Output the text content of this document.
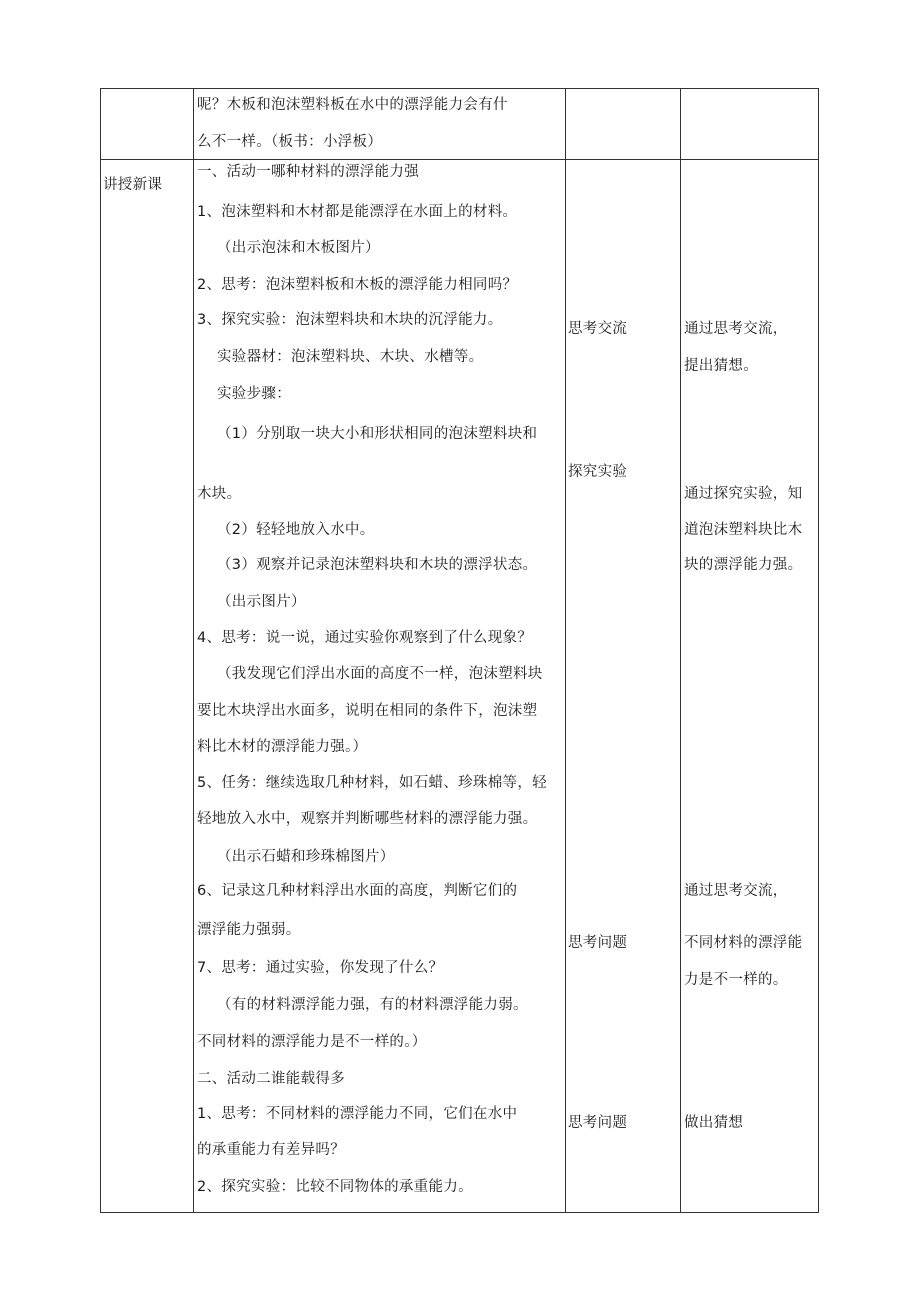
呢？木板和泡沫塑料板在水中的漂浮能力会有什
么不一样。（板书：小浮板）
讲授新课
一、活动一哪种材料的漂浮能力强
1、泡沫塑料和木材都是能漂浮在水面上的材料。
（出示泡沫和木板图片）
2、思考：泡沫塑料板和木板的漂浮能力相同吗？
3、探究实验：泡沫塑料块和木块的沉浮能力。
实验器材：泡沫塑料块、木块、水槽等。
实验步骤：
（1）分别取一块大小和形状相同的泡沫塑料块和
木块。
（2）轻轻地放入水中。
（3）观察并记录泡沫塑料块和木块的漂浮状态。
（出示图片）
4、思考：说一说，通过实验你观察到了什么现象？
（我发现它们浮出水面的高度不一样，泡沫塑料块
要比木块浮出水面多，说明在相同的条件下，泡沫塑
料比木材的漂浮能力强。）
5、任务：继续选取几种材料，如石蜡、珍珠棉等，轻
轻地放入水中，观察并判断哪些材料的漂浮能力强。
（出示石蜡和珍珠棉图片）
6、记录这几种材料浮出水面的高度，判断它们的
漂浮能力强弱。
7、思考：通过实验，你发现了什么？
（有的材料漂浮能力强，有的材料漂浮能力弱。
不同材料的漂浮能力是不一样的。）
二、活动二谁能载得多
1、思考：不同材料的漂浮能力不同，它们在水中
的承重能力有差异吗？
2、探究实验：比较不同物体的承重能力。
思考交流
探究实验
思考问题
思考问题
通过思考交流，
提出猜想。
通过探究实验，知
道泡沫塑料块比木
块的漂浮能力强。
通过思考交流，
不同材料的漂浮能
力是不一样的。
做出猜想
